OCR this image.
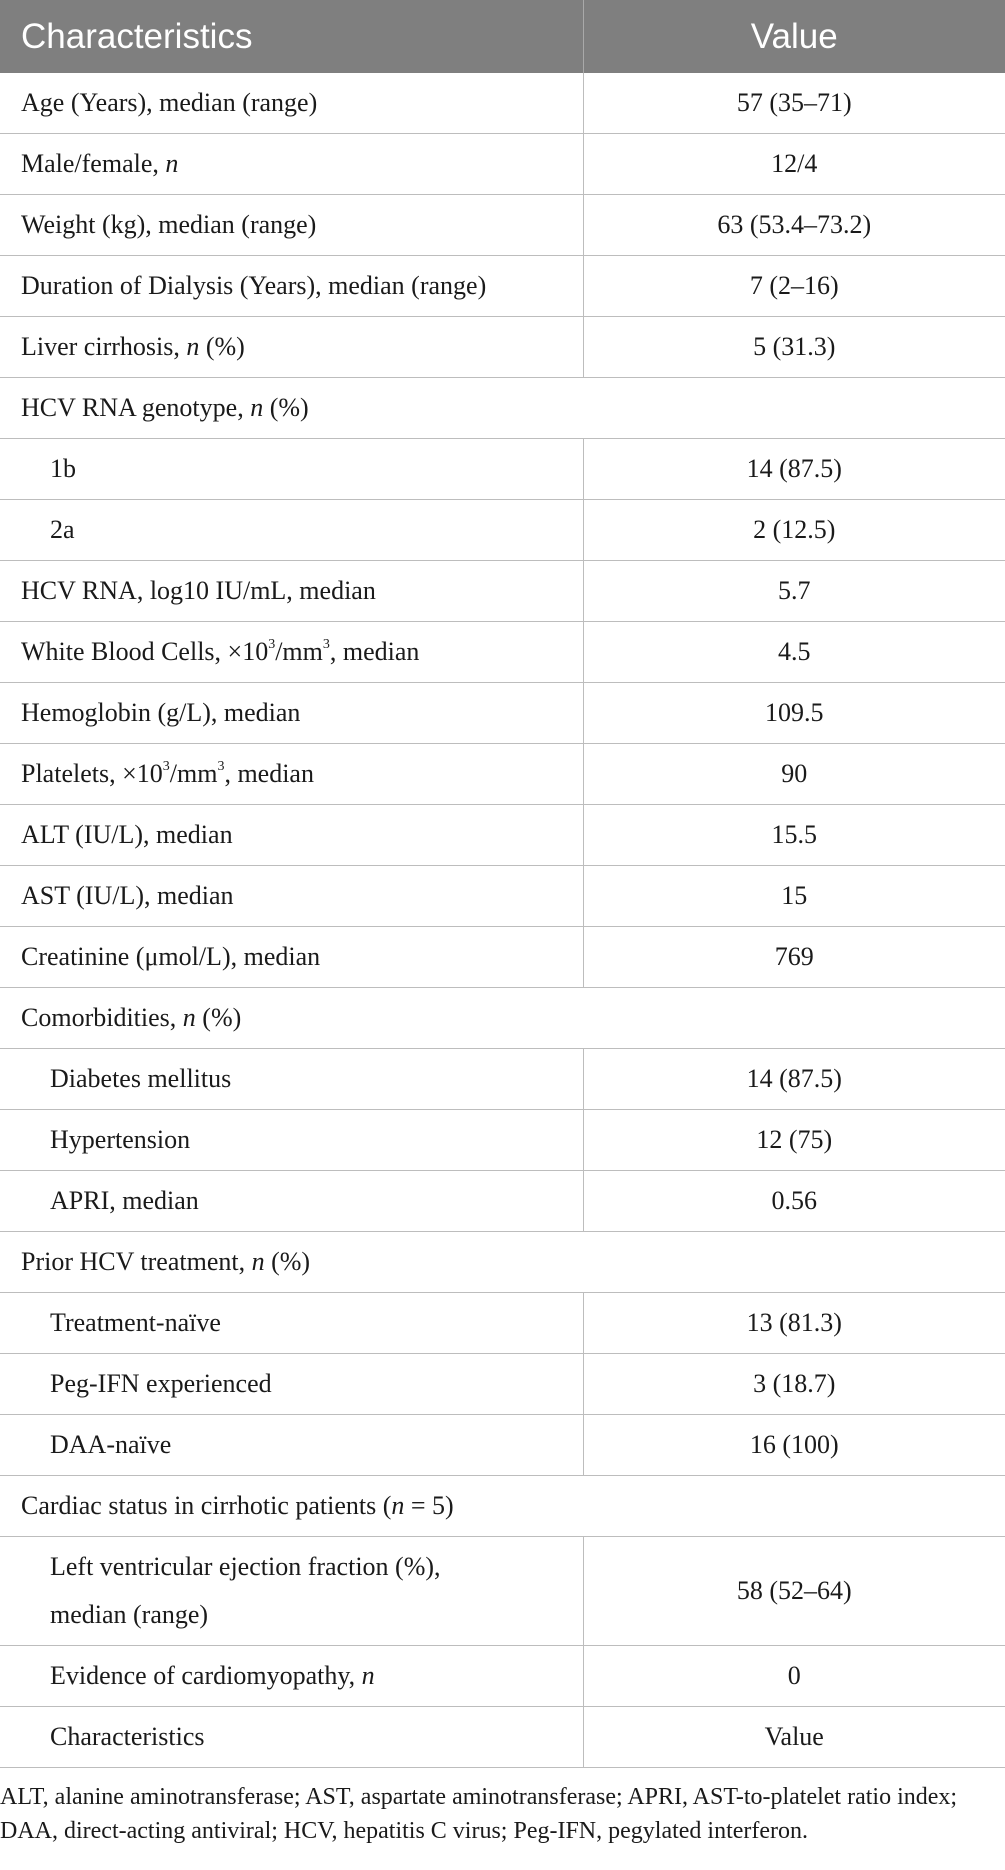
Characteristics	Value
Age (Years), median (range)	57 (35–71)
Male/female, n	12/4
Weight (kg), median (range)	63 (53.4–73.2)
Duration of Dialysis (Years), median (range)	7 (2–16)
Liver cirrhosis, n (%)	5 (31.3)
HCV RNA genotype, n (%)	
1b	14 (87.5)
2a	2 (12.5)
HCV RNA, log10 IU/mL, median	5.7
White Blood Cells, $\times 10^3/mm^3$, median	4.5
Hemoglobin (g/L), median	109.5
Platelets, $\times 10^3/mm^3$, median	90
ALT (IU/L), median	15.5
AST (IU/L), median	15
Creatinine (μmol/L), median	769
Comorbidities, n (%)	
Diabetes mellitus	14 (87.5)
Hypertension	12 (75)
APRI, median	0.56
Prior HCV treatment, n (%)	
Treatment-naïve	13 (81.3)
Peg-IFN experienced	3 (18.7)
DAA-naïve	16 (100)
Cardiac status in cirrhotic patients (n = 5)	
Left ventricular ejection fraction (%),
median (range)	58 (52–64)
Evidence of cardiomyopathy, n	0
Characteristics	Value
ALT, alanine aminotransferase; AST, aspartate aminotransferase; APRI, AST-to-platelet ratio index; DAA, direct-acting antiviral; HCV, hepatitis C virus; Peg-IFN, pegylated interferon.
